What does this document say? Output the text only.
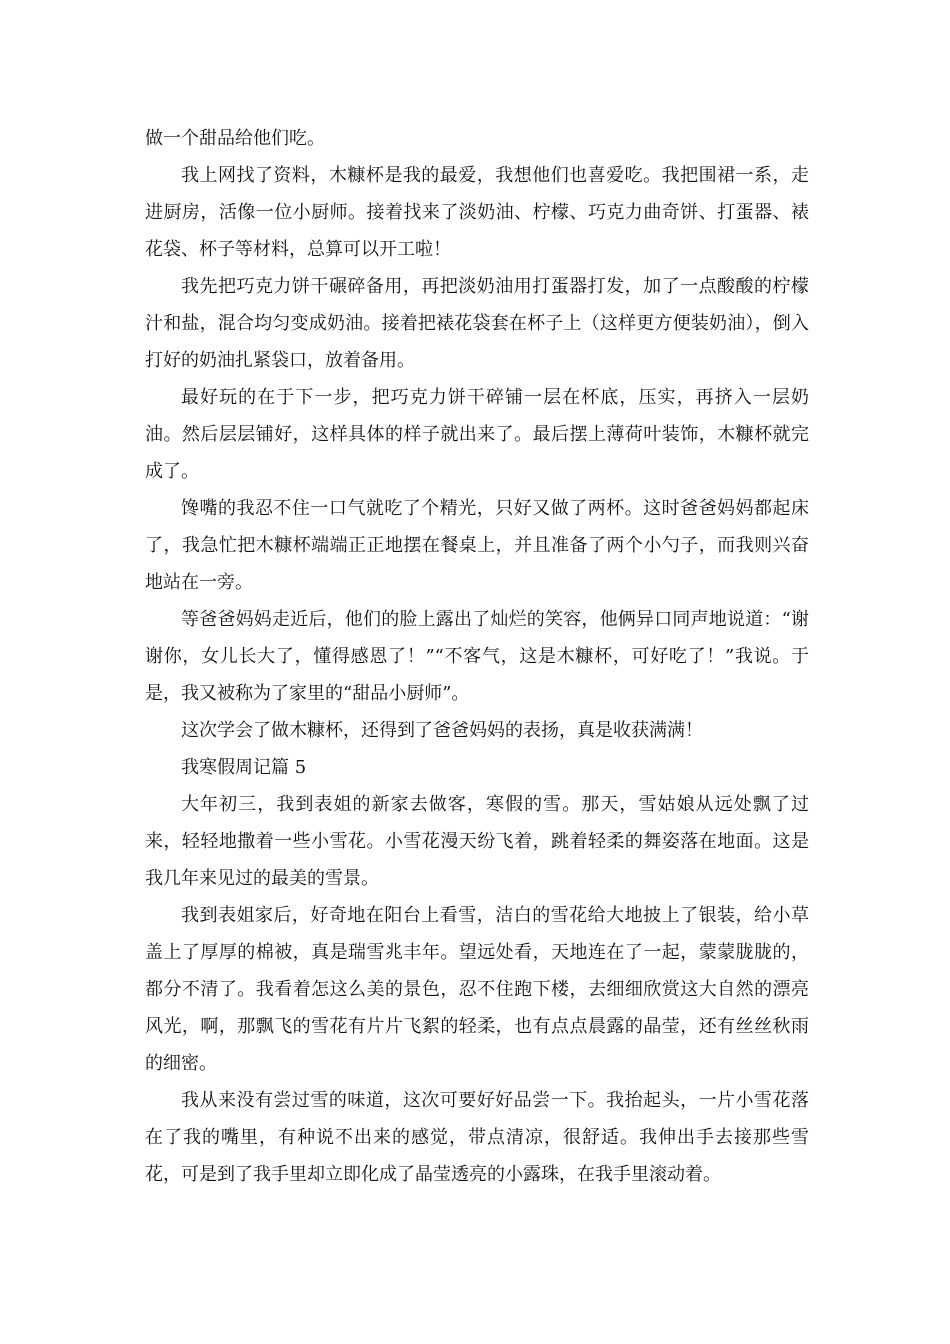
做一个甜品给他们吃。

我上网找了资料，木糠杯是我的最爱，我想他们也喜爱吃。我把围裙一系，走进厨房，活像一位小厨师。接着找来了淡奶油、柠檬、巧克力曲奇饼、打蛋器、裱花袋、杯子等材料，总算可以开工啦！

我先把巧克力饼干碾碎备用，再把淡奶油用打蛋器打发，加了一点酸酸的柠檬汁和盐，混合均匀变成奶油。接着把裱花袋套在杯子上（这样更方便装奶油），倒入打好的奶油扎紧袋口，放着备用。

最好玩的在于下一步，把巧克力饼干碎铺一层在杯底，压实，再挤入一层奶油。然后层层铺好，这样具体的样子就出来了。最后摆上薄荷叶装饰，木糠杯就完成了。

馋嘴的我忍不住一口气就吃了个精光，只好又做了两杯。这时爸爸妈妈都起床了，我急忙把木糠杯端端正正地摆在餐桌上，并且准备了两个小勺子，而我则兴奋地站在一旁。

等爸爸妈妈走近后，他们的脸上露出了灿烂的笑容，他俩异口同声地说道：“谢谢你，女儿长大了，懂得感恩了！”“不客气，这是木糠杯，可好吃了！”我说。于是，我又被称为了家里的“甜品小厨师”。

这次学会了做木糠杯，还得到了爸爸妈妈的表扬，真是收获满满！

我寒假周记篇 5

大年初三，我到表姐的新家去做客，寒假的雪。那天，雪姑娘从远处飘了过来，轻轻地撒着一些小雪花。小雪花漫天纷飞着，跳着轻柔的舞姿落在地面。这是我几年来见过的最美的雪景。

我到表姐家后，好奇地在阳台上看雪，洁白的雪花给大地披上了银装，给小草盖上了厚厚的棉被，真是瑞雪兆丰年。望远处看，天地连在了一起，蒙蒙胧胧的，都分不清了。我看着怎这么美的景色，忍不住跑下楼，去细细欣赏这大自然的漂亮风光，啊，那飘飞的雪花有片片飞絮的轻柔，也有点点晨露的晶莹，还有丝丝秋雨的细密。

我从来没有尝过雪的味道，这次可要好好品尝一下。我抬起头，一片小雪花落在了我的嘴里，有种说不出来的感觉，带点清凉，很舒适。我伸出手去接那些雪花，可是到了我手里却立即化成了晶莹透亮的小露珠，在我手里滚动着。
